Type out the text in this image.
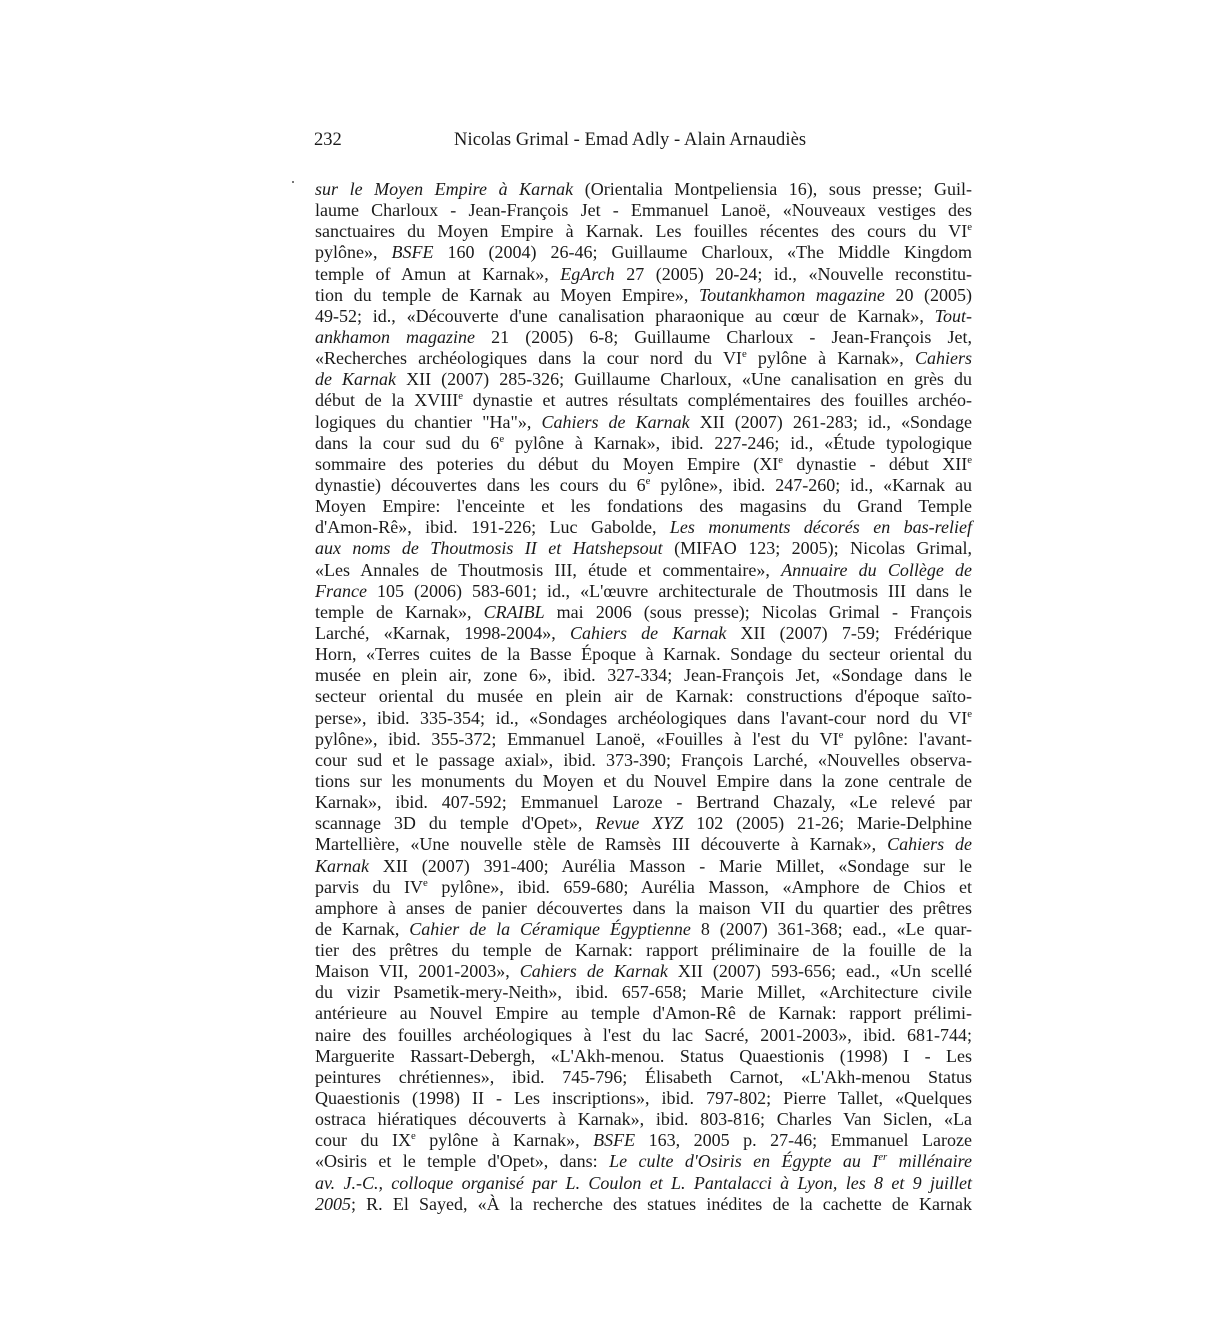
232	Nicolas Grimal - Emad Adly - Alain Arnaudiès
sur le Moyen Empire à Karnak (Orientalia Montpeliensia 16), sous presse; Guil-
laume Charloux - Jean-François Jet - Emmanuel Lanoë, «Nouveaux vestiges des
sanctuaires du Moyen Empire à Karnak. Les fouilles récentes des cours du VIe
pylône», BSFE 160 (2004) 26-46; Guillaume Charloux, «The Middle Kingdom
temple of Amun at Karnak», EgArch 27 (2005) 20-24; id., «Nouvelle reconstitu-
tion du temple de Karnak au Moyen Empire», Toutankhamon magazine 20 (2005)
49-52; id., «Découverte d'une canalisation pharaonique au cœur de Karnak», Tout-
ankhamon magazine 21 (2005) 6-8; Guillaume Charloux - Jean-François Jet,
«Recherches archéologiques dans la cour nord du VIe pylône à Karnak», Cahiers
de Karnak XII (2007) 285-326; Guillaume Charloux, «Une canalisation en grès du
début de la XVIIIe dynastie et autres résultats complémentaires des fouilles archéo-
logiques du chantier "Ha"», Cahiers de Karnak XII (2007) 261-283; id., «Sondage
dans la cour sud du 6e pylône à Karnak», ibid. 227-246; id., «Étude typologique
sommaire des poteries du début du Moyen Empire (XIe dynastie - début XIIe
dynastie) découvertes dans les cours du 6e pylône», ibid. 247-260; id., «Karnak au
Moyen Empire: l'enceinte et les fondations des magasins du Grand Temple
d'Amon-Rê», ibid. 191-226; Luc Gabolde, Les monuments décorés en bas-relief
aux noms de Thoutmosis II et Hatshepsout (MIFAO 123; 2005); Nicolas Grimal,
«Les Annales de Thoutmosis III, étude et commentaire», Annuaire du Collège de
France 105 (2006) 583-601; id., «L'œuvre architecturale de Thoutmosis III dans le
temple de Karnak», CRAIBL mai 2006 (sous presse); Nicolas Grimal - François
Larché, «Karnak, 1998-2004», Cahiers de Karnak XII (2007) 7-59; Frédérique
Horn, «Terres cuites de la Basse Époque à Karnak. Sondage du secteur oriental du
musée en plein air, zone 6», ibid. 327-334; Jean-François Jet, «Sondage dans le
secteur oriental du musée en plein air de Karnak: constructions d'époque saïto-
perse», ibid. 335-354; id., «Sondages archéologiques dans l'avant-cour nord du VIe
pylône», ibid. 355-372; Emmanuel Lanoë, «Fouilles à l'est du VIe pylône: l'avant-
cour sud et le passage axial», ibid. 373-390; François Larché, «Nouvelles observa-
tions sur les monuments du Moyen et du Nouvel Empire dans la zone centrale de
Karnak», ibid. 407-592; Emmanuel Laroze - Bertrand Chazaly, «Le relevé par
scannage 3D du temple d'Opet», Revue XYZ 102 (2005) 21-26; Marie-Delphine
Martellière, «Une nouvelle stèle de Ramsès III découverte à Karnak», Cahiers de
Karnak XII (2007) 391-400; Aurélia Masson - Marie Millet, «Sondage sur le
parvis du IVe pylône», ibid. 659-680; Aurélia Masson, «Amphore de Chios et
amphore à anses de panier découvertes dans la maison VII du quartier des prêtres
de Karnak, Cahier de la Céramique Égyptienne 8 (2007) 361-368; ead., «Le quar-
tier des prêtres du temple de Karnak: rapport préliminaire de la fouille de la
Maison VII, 2001-2003», Cahiers de Karnak XII (2007) 593-656; ead., «Un scellé
du vizir Psametik-mery-Neith», ibid. 657-658; Marie Millet, «Architecture civile
antérieure au Nouvel Empire au temple d'Amon-Rê de Karnak: rapport prélimi-
naire des fouilles archéologiques à l'est du lac Sacré, 2001-2003», ibid. 681-744;
Marguerite Rassart-Debergh, «L'Akh-menou. Status Quaestionis (1998) I - Les
peintures chrétiennes», ibid. 745-796; Élisabeth Carnot, «L'Akh-menou Status
Quaestionis (1998) II - Les inscriptions», ibid. 797-802; Pierre Tallet, «Quelques
ostraca hiératiques découverts à Karnak», ibid. 803-816; Charles Van Siclen, «La
cour du IXe pylône à Karnak», BSFE 163, 2005 p. 27-46; Emmanuel Laroze
«Osiris et le temple d'Opet», dans: Le culte d'Osiris en Égypte au Ier millénaire
av. J.-C., colloque organisé par L. Coulon et L. Pantalacci à Lyon, les 8 et 9 juillet
2005; R. El Sayed, «À la recherche des statues inédites de la cachette de Karnak
